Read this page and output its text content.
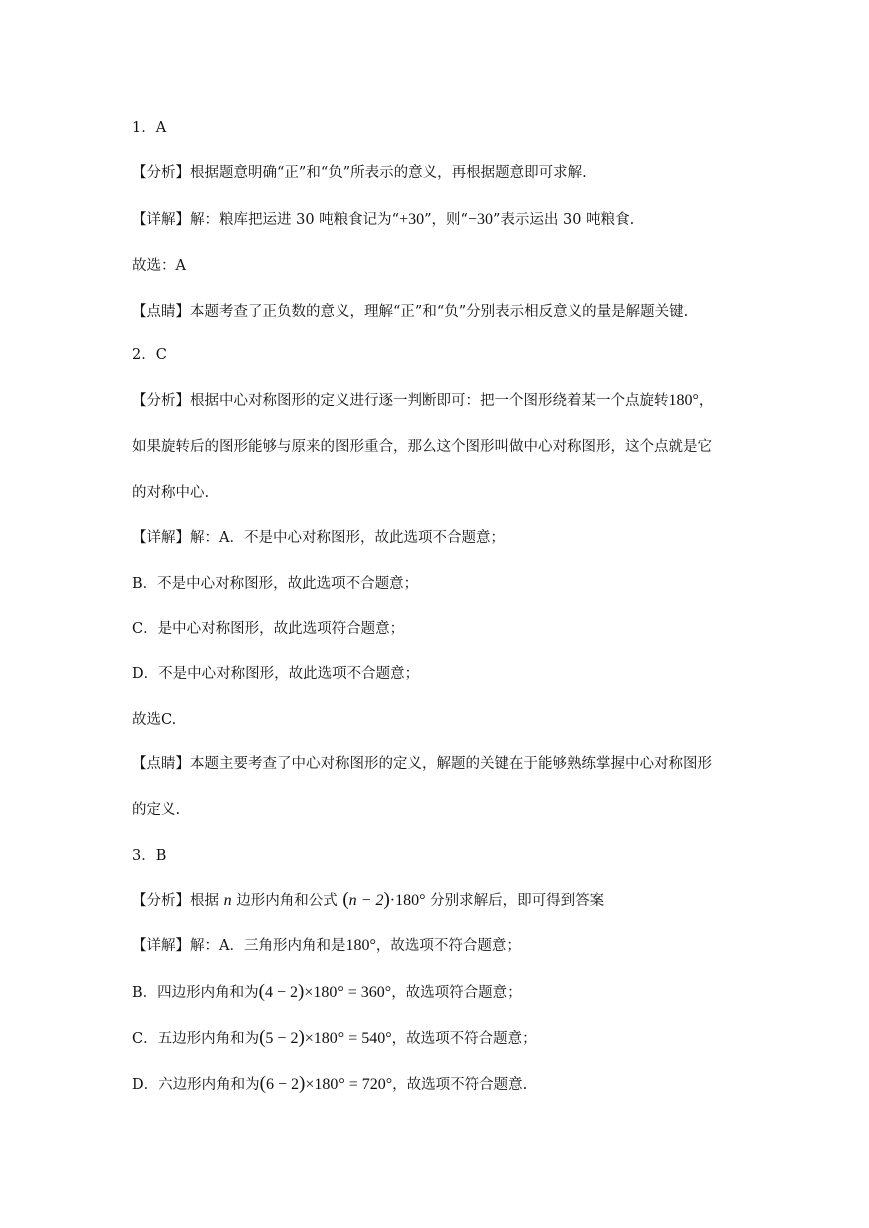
1．A
【分析】根据题意明确“正”和“负”所表示的意义，再根据题意即可求解.
【详解】解：粮库把运进 30 吨粮食记为“+30”，则“−30”表示运出 30 吨粮食.
故选：A
【点睛】本题考查了正负数的意义，理解“正”和“负”分别表示相反意义的量是解题关键.
2．C
【分析】根据中心对称图形的定义进行逐一判断即可：把一个图形绕着某一个点旋转180°，
如果旋转后的图形能够与原来的图形重合，那么这个图形叫做中心对称图形，这个点就是它
的对称中心.
【详解】解：A．不是中心对称图形，故此选项不合题意；
B．不是中心对称图形，故此选项不合题意；
C．是中心对称图形，故此选项符合题意；
D．不是中心对称图形，故此选项不合题意；
故选C.
【点睛】本题主要考查了中心对称图形的定义，解题的关键在于能够熟练掌握中心对称图形
的定义.
3．B
【分析】根据 n 边形内角和公式 (n − 2)·180° 分别求解后，即可得到答案
【详解】解：A．三角形内角和是180°，故选项不符合题意；
B．四边形内角和为(4 − 2)×180° = 360°，故选项符合题意；
C．五边形内角和为(5 − 2)×180° = 540°，故选项不符合题意；
D．六边形内角和为(6 − 2)×180° = 720°，故选项不符合题意.
